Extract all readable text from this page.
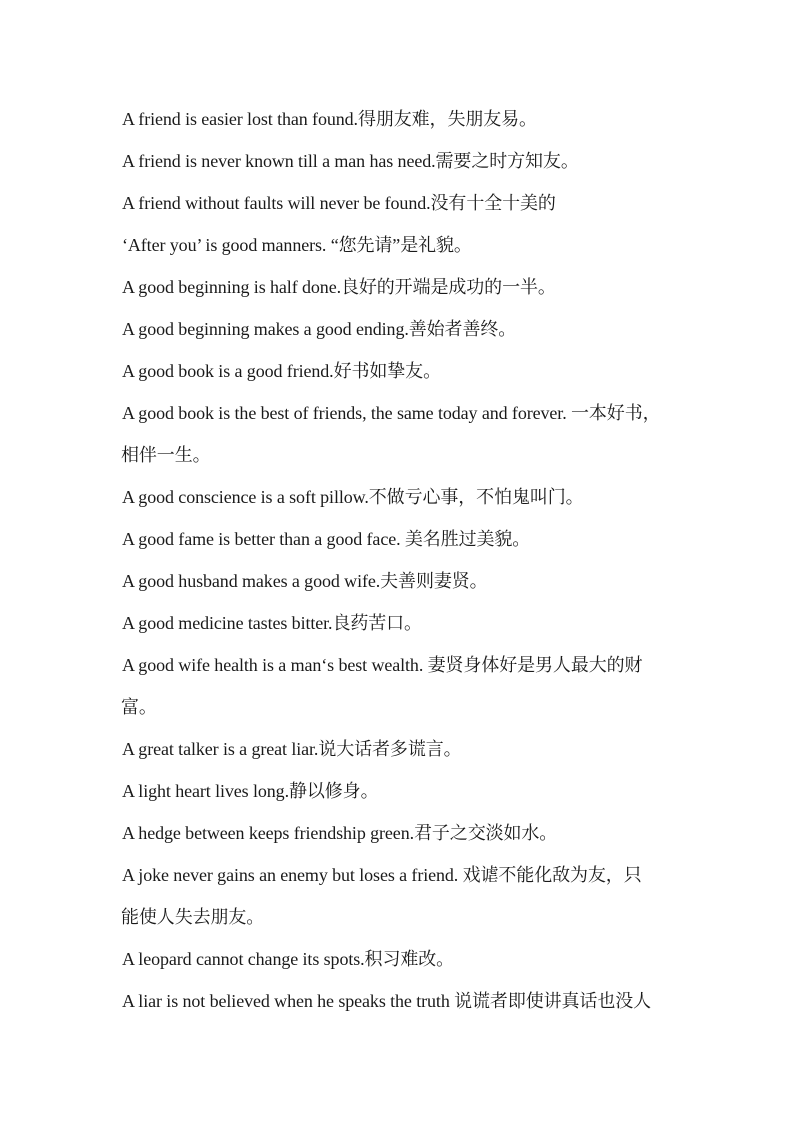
A friend is easier lost than found.得朋友难，失朋友易。
A friend is never known till a man has need.需要之时方知友。
A friend without faults will never be found.没有十全十美的
‘After you’ is good manners. “您先请”是礼貌。
A good beginning is half done.良好的开端是成功的一半。
A good beginning makes a good ending.善始者善终。
A good book is a good friend.好书如挚友。
A good book is the best of friends, the same today and forever. 一本好书，
相伴一生。
A good conscience is a soft pillow.不做亏心事，不怕鬼叫门。
A good fame is better than a good face. 美名胜过美貌。
A good husband makes a good wife.夫善则妻贤。
A good medicine tastes bitter.良药苦口。
A good wife health is a man‘s best wealth. 妻贤身体好是男人最大的财
富。
A great talker is a great liar.说大话者多谎言。
A light heart lives long.静以修身。
A hedge between keeps friendship green.君子之交淡如水。
A joke never gains an enemy but loses a friend. 戏谑不能化敌为友，只
能使人失去朋友。
A leopard cannot change its spots.积习难改。
A liar is not believed when he speaks the truth 说谎者即使讲真话也没人
